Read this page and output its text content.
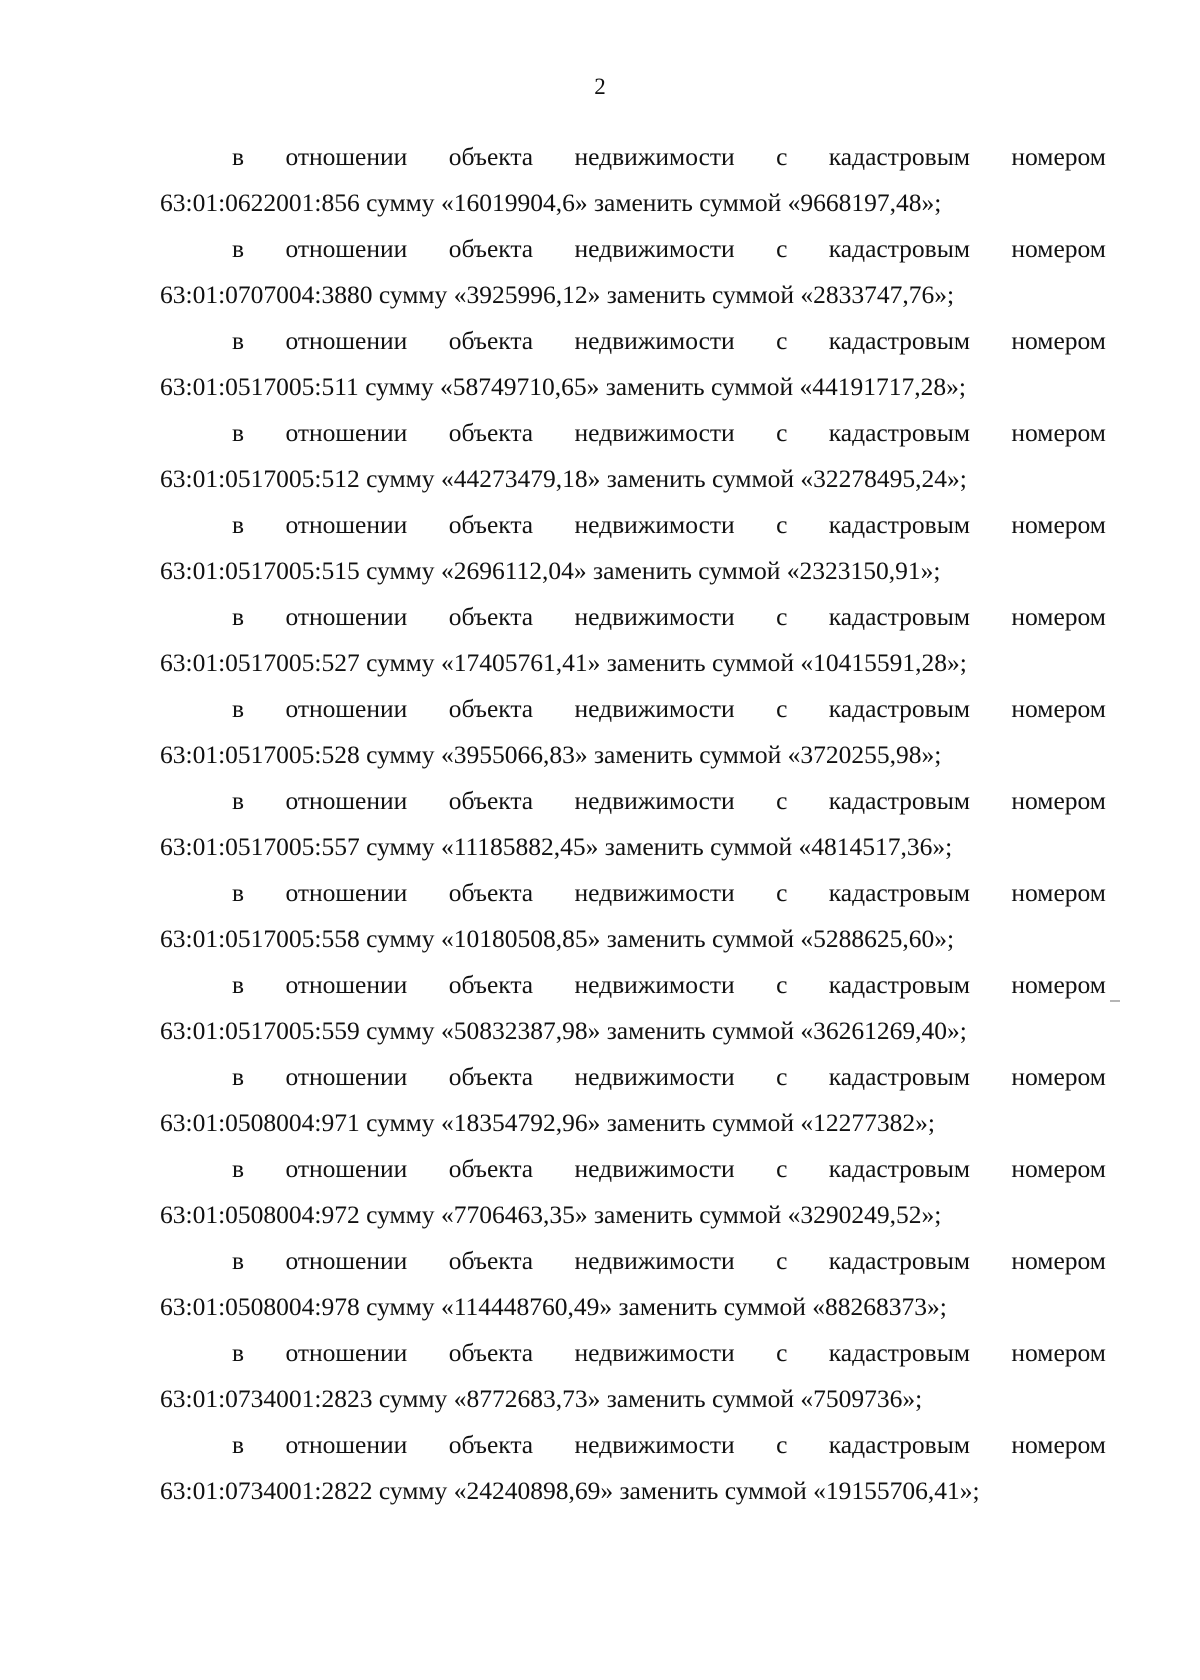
2
в отношении объекта недвижимости с кадастровым номером
63:01:0622001:856 сумму «16019904,6» заменить суммой «9668197,48»;
в отношении объекта недвижимости с кадастровым номером
63:01:0707004:3880 сумму «3925996,12» заменить суммой «2833747,76»;
в отношении объекта недвижимости с кадастровым номером
63:01:0517005:511 сумму «58749710,65» заменить суммой «44191717,28»;
в отношении объекта недвижимости с кадастровым номером
63:01:0517005:512 сумму «44273479,18» заменить суммой «32278495,24»;
в отношении объекта недвижимости с кадастровым номером
63:01:0517005:515 сумму «2696112,04» заменить суммой «2323150,91»;
в отношении объекта недвижимости с кадастровым номером
63:01:0517005:527 сумму «17405761,41» заменить суммой «10415591,28»;
в отношении объекта недвижимости с кадастровым номером
63:01:0517005:528 сумму «3955066,83» заменить суммой «3720255,98»;
в отношении объекта недвижимости с кадастровым номером
63:01:0517005:557 сумму «11185882,45» заменить суммой «4814517,36»;
в отношении объекта недвижимости с кадастровым номером
63:01:0517005:558 сумму «10180508,85» заменить суммой «5288625,60»;
в отношении объекта недвижимости с кадастровым номером
63:01:0517005:559 сумму «50832387,98» заменить суммой «36261269,40»;
в отношении объекта недвижимости с кадастровым номером
63:01:0508004:971 сумму «18354792,96» заменить суммой «12277382»;
в отношении объекта недвижимости с кадастровым номером
63:01:0508004:972 сумму «7706463,35» заменить суммой «3290249,52»;
в отношении объекта недвижимости с кадастровым номером
63:01:0508004:978 сумму «114448760,49» заменить суммой «88268373»;
в отношении объекта недвижимости с кадастровым номером
63:01:0734001:2823 сумму «8772683,73» заменить суммой «7509736»;
в отношении объекта недвижимости с кадастровым номером
63:01:0734001:2822 сумму «24240898,69» заменить суммой «19155706,41»;
